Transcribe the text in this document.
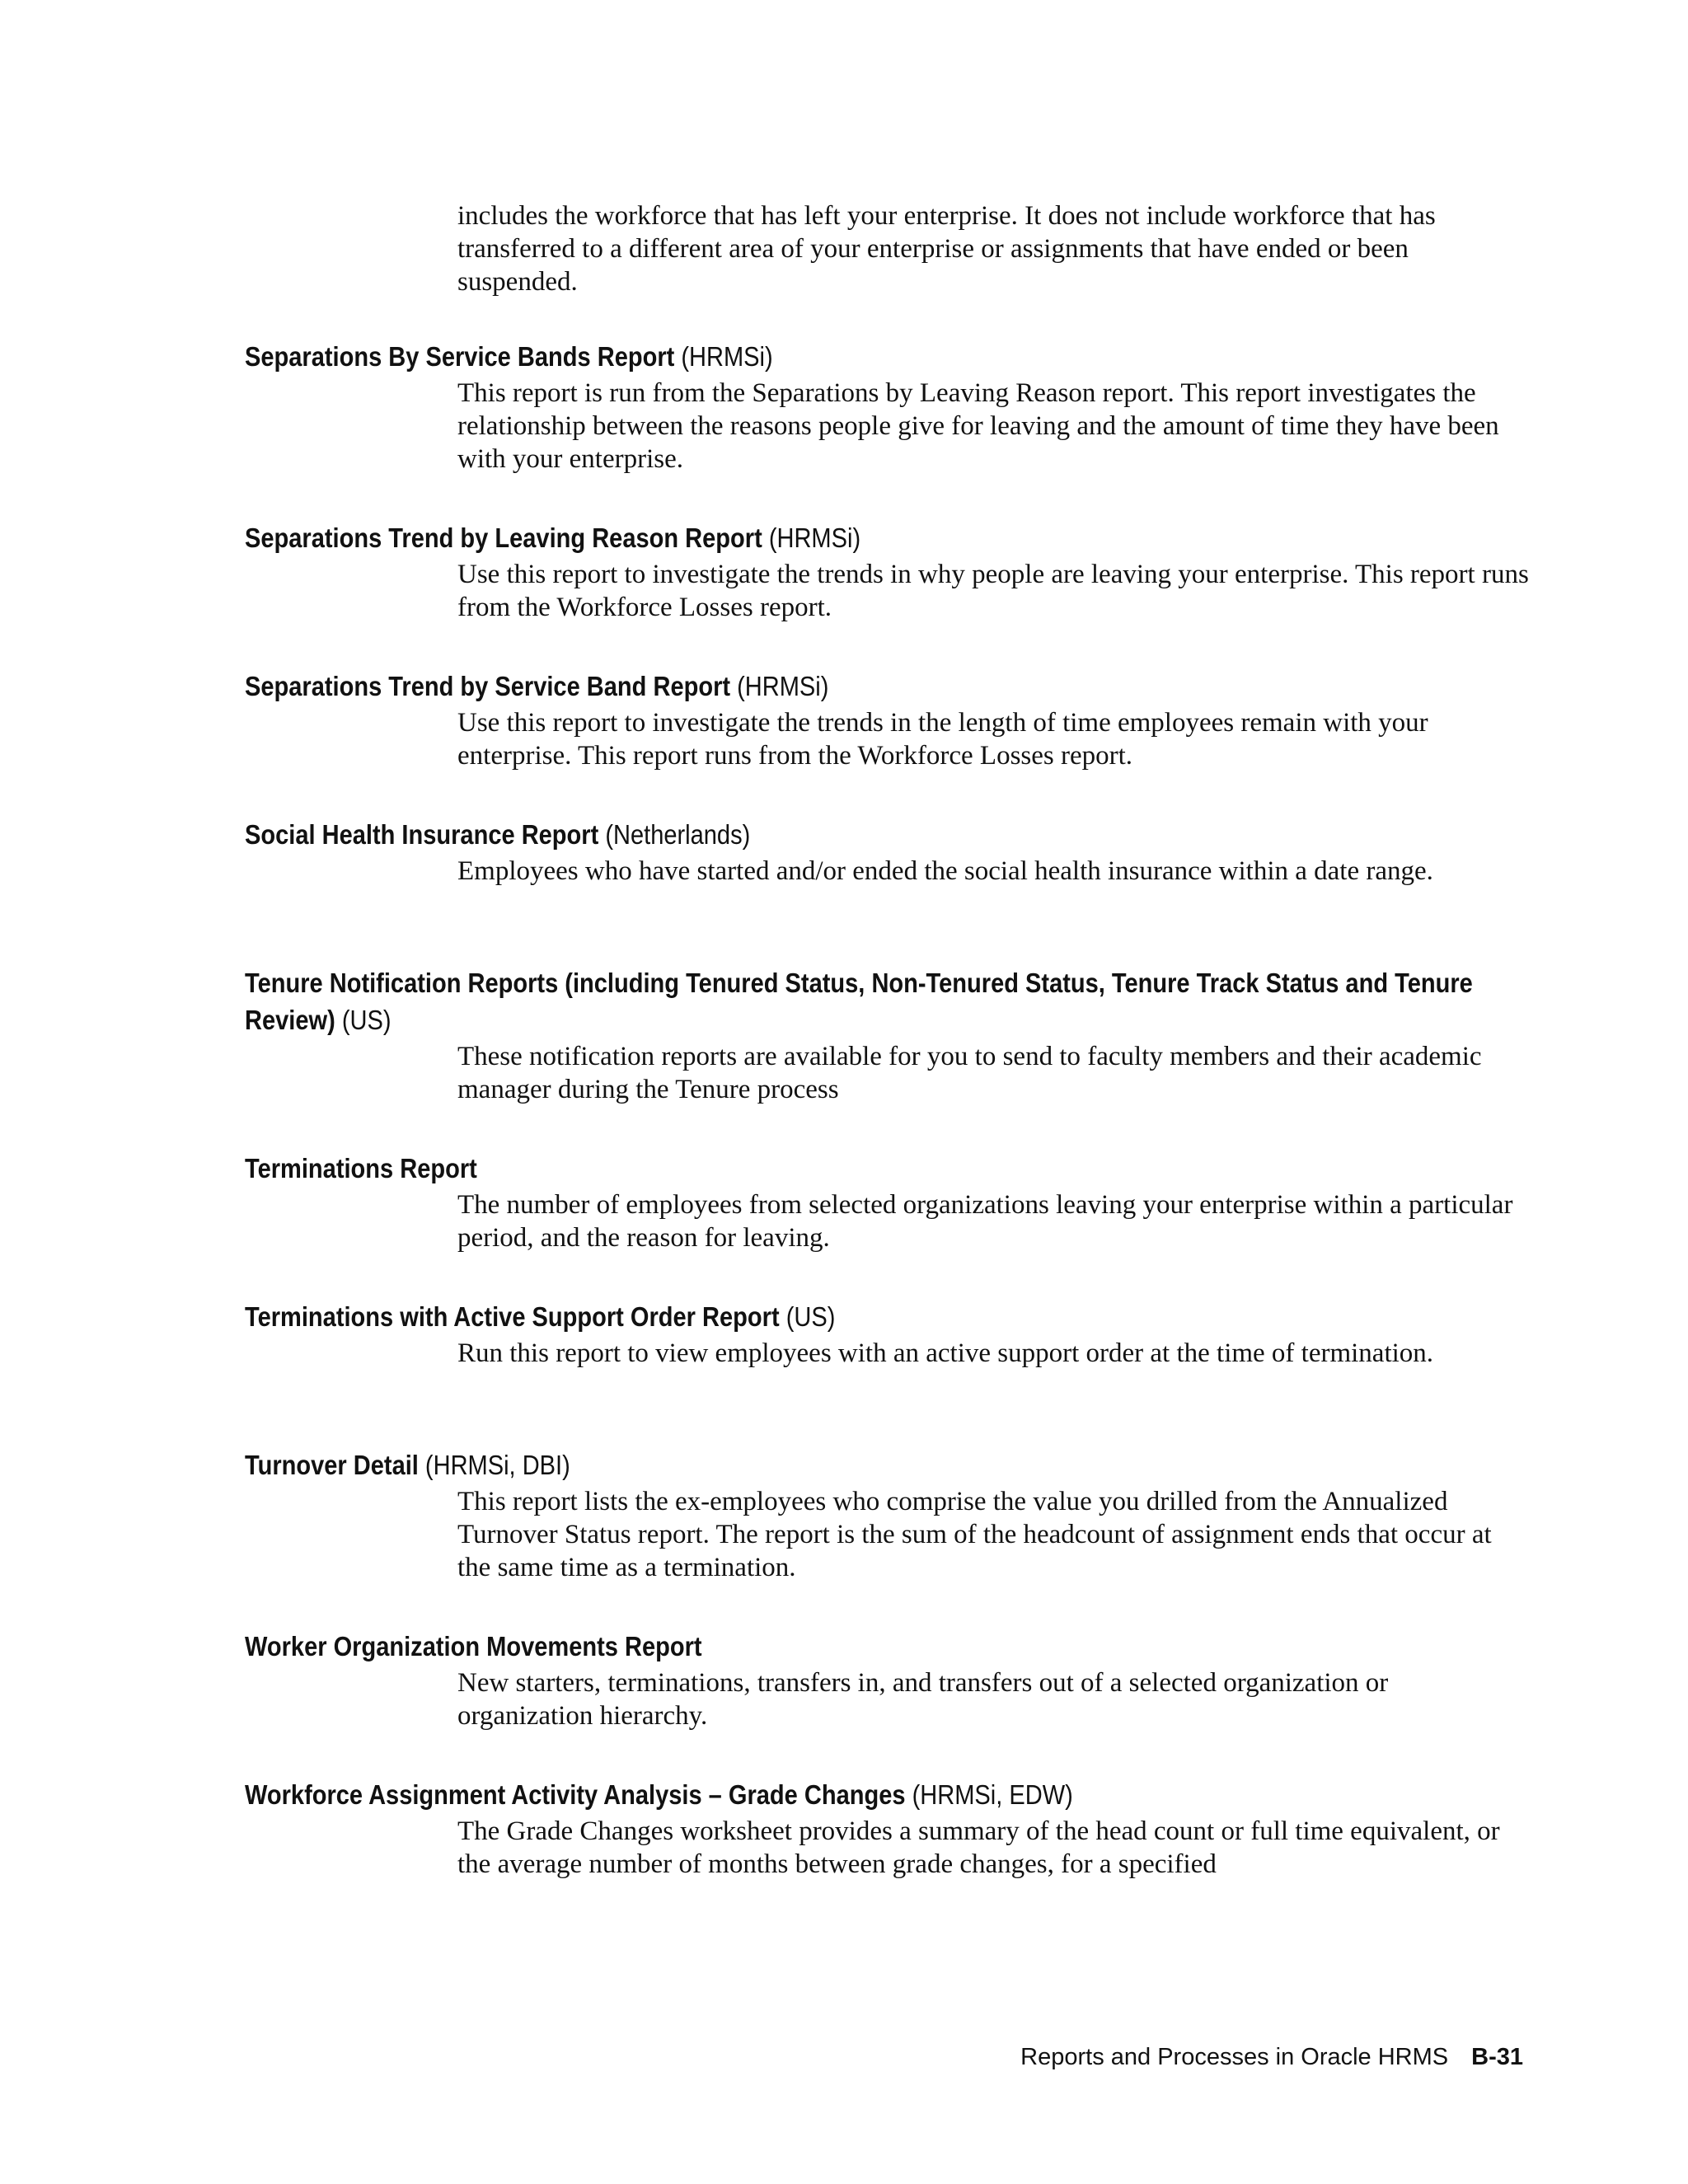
includes the workforce that has left your enterprise. It does not include workforce that has transferred to a different area of your enterprise or assignments that have ended or been suspended.

Separations By Service Bands Report (HRMSi)
This report is run from the Separations by Leaving Reason report. This report investigates the relationship between the reasons people give for leaving and the amount of time they have been with your enterprise.
Separations Trend by Leaving Reason Report (HRMSi)
Use this report to investigate the trends in why people are leaving your enterprise. This report runs from the Workforce Losses report.
Separations Trend by Service Band Report (HRMSi)
Use this report to investigate the trends in the length of time employees remain with your enterprise. This report runs from the Workforce Losses report.
Social Health Insurance Report (Netherlands)
Employees who have started and/or ended the social health insurance within a date range.
Tenure Notification Reports (including Tenured Status, Non-Tenured Status, Tenure Track Status and Tenure Review) (US)
These notification reports are available for you to send to faculty members and their academic manager during the Tenure process
Terminations Report
The number of employees from selected organizations leaving your enterprise within a particular period, and the reason for leaving.
Terminations with Active Support Order Report (US)
Run this report to view employees with an active support order at the time of termination.
Turnover Detail (HRMSi, DBI)
This report lists the ex-employees who comprise the value you drilled from the Annualized Turnover Status report. The report is the sum of the headcount of assignment ends that occur at the same time as a termination.
Worker Organization Movements Report
New starters, terminations, transfers in, and transfers out of a selected organization or organization hierarchy.
Workforce Assignment Activity Analysis – Grade Changes (HRMSi, EDW)
The Grade Changes worksheet provides a summary of the head count or full time equivalent, or the average number of months between grade changes, for a specified
Reports and Processes in Oracle HRMS B-31
